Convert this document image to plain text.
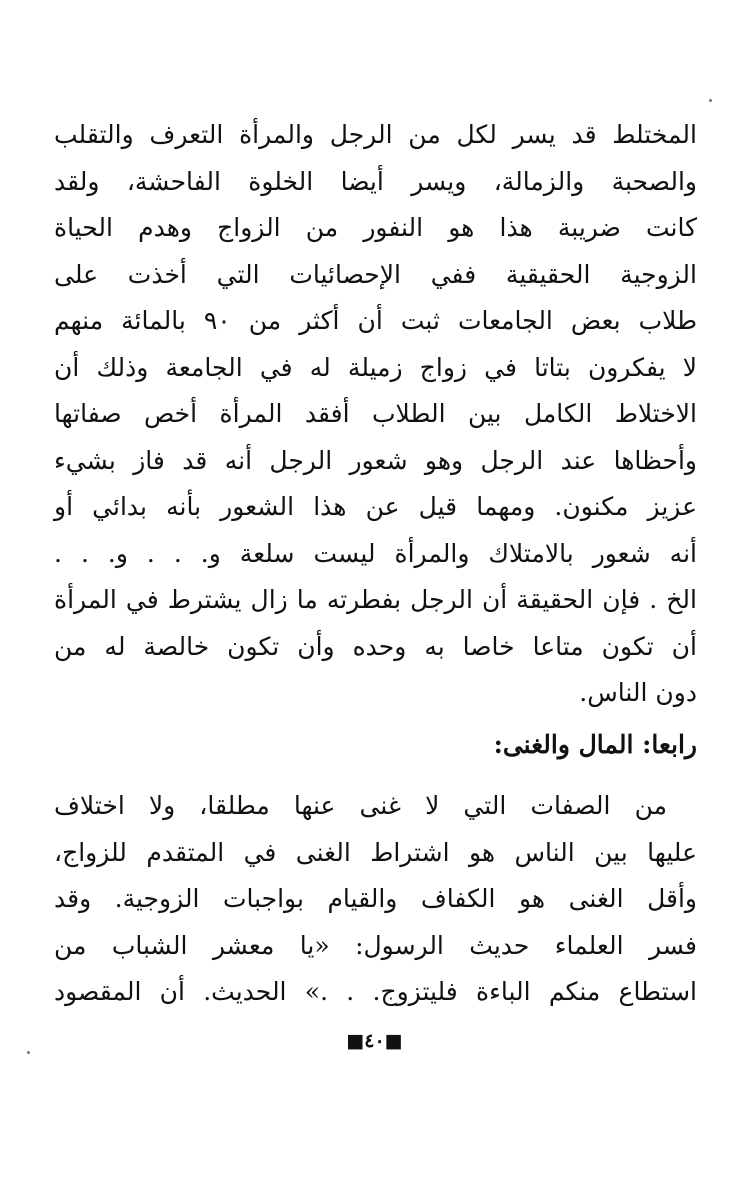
المختلط قد يسر لكل من الرجل والمرأة التعرف والتقلب
والصحبة والزمالة، ويسر أيضا الخلوة الفاحشة، ولقد
كانت ضريبة هذا هو النفور من الزواج وهدم الحياة
الزوجية الحقيقية ففي الإحصائيات التي أخذت على
طلاب بعض الجامعات ثبت أن أكثر من ٩٠ بالمائة منهم
لا يفكرون بتاتا في زواج زميلة له في الجامعة وذلك أن
الاختلاط الكامل بين الطلاب أفقد المرأة أخص صفاتها
وأحظاها عند الرجل وهو شعور الرجل أنه قد فاز بشيء
عزيز مكنون. ومهما قيل عن هذا الشعور بأنه بدائي أو
أنه شعور بالامتلاك والمرأة ليست سلعة و. . . و. . .
الخ . فإن الحقيقة أن الرجل بفطرته ما زال يشترط في المرأة
أن تكون متاعا خاصا به وحده وأن تكون خالصة له من
دون الناس.
رابعا: المال والغنى:
من الصفات التي لا غنى عنها مطلقا، ولا اختلاف
عليها بين الناس هو اشتراط الغنى في المتقدم للزواج،
وأقل الغنى هو الكفاف والقيام بواجبات الزوجية. وقد
فسر العلماء حديث الرسول: «يا معشر الشباب من
استطاع منكم الباءة فليتزوج. . .» الحديث. أن المقصود
■٤٠■
